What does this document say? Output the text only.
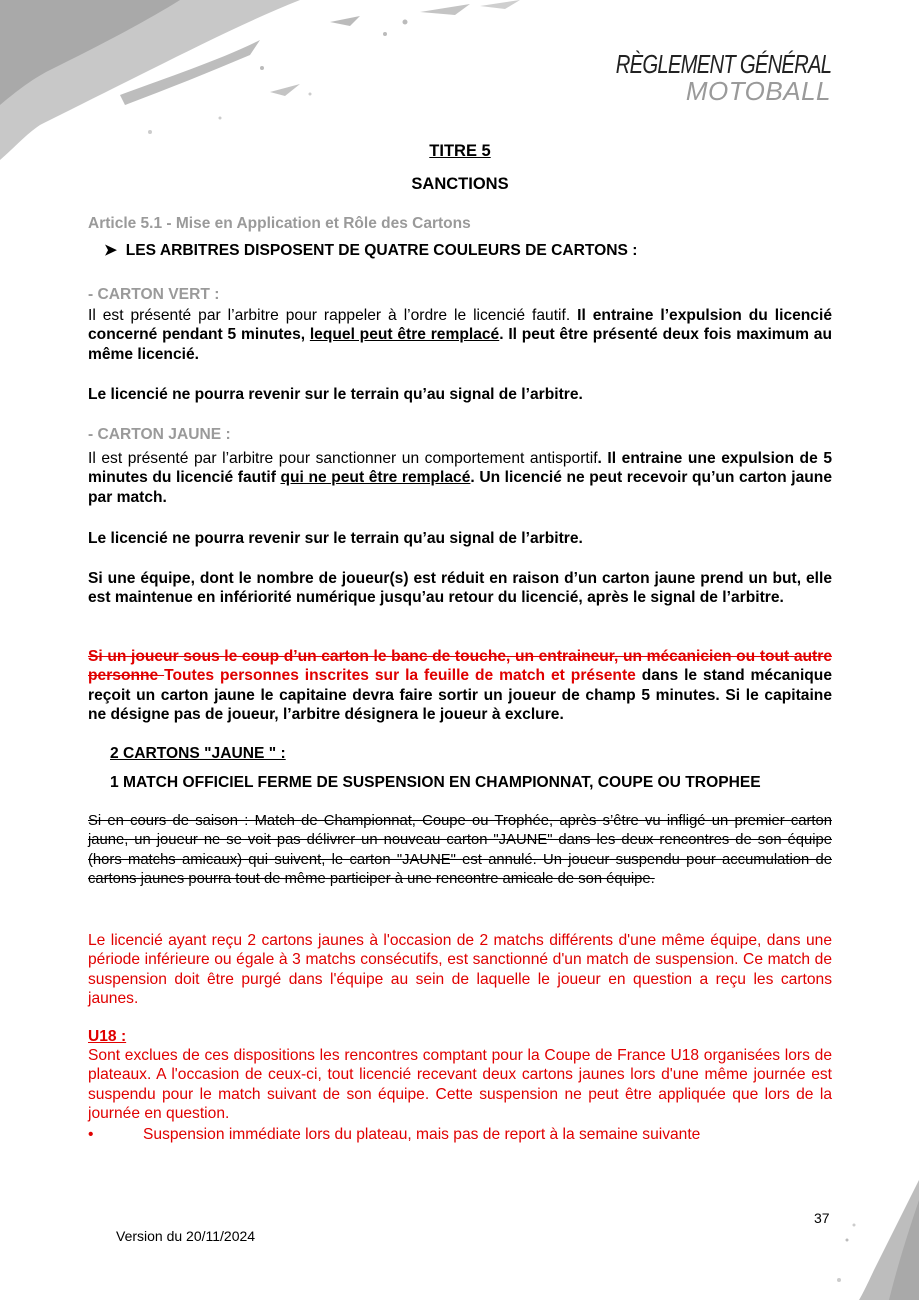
RÈGLEMENT GÉNÉRAL
MOTOBALL
TITRE 5
SANCTIONS
Article 5.1 - Mise en Application et Rôle des Cartons
➤  LES ARBITRES DISPOSENT DE QUATRE COULEURS DE CARTONS :
- CARTON VERT :
Il est présenté par l’arbitre pour rappeler à l’ordre le licencié fautif. Il entraine l’expulsion du licencié concerné pendant 5 minutes, lequel peut être remplacé. Il peut être présenté deux fois maximum au même licencié.
Le licencié ne pourra revenir sur le terrain qu’au signal de l’arbitre.
- CARTON JAUNE :
Il est présenté par l’arbitre pour sanctionner un comportement antisportif. Il entraine une expulsion de 5 minutes du licencié fautif qui ne peut être remplacé. Un licencié ne peut recevoir qu’un carton jaune par match.
Le licencié ne pourra revenir sur le terrain qu’au signal de l’arbitre.
Si une équipe, dont le nombre de joueur(s) est réduit en raison d’un carton jaune prend un but, elle est maintenue en infériorité numérique jusqu’au retour du licencié, après le signal de l’arbitre.
Si un joueur sous le coup d’un carton le banc de touche, un entraineur, un mécanicien ou tout autre personne Toutes personnes inscrites sur la feuille de match et présente dans le stand mécanique reçoit un carton jaune le capitaine devra faire sortir un joueur de champ 5 minutes. Si le capitaine ne désigne pas de joueur, l’arbitre désignera le joueur à exclure.
2 CARTONS "JAUNE " :
1 MATCH OFFICIEL FERME DE SUSPENSION EN CHAMPIONNAT, COUPE OU TROPHEE
Si en cours de saison : Match de Championnat, Coupe ou Trophée, après s’être vu infligé un premier carton jaune, un joueur ne se voit pas délivrer un nouveau carton "JAUNE" dans les deux rencontres de son équipe (hors matchs amicaux) qui suivent, le carton "JAUNE" est annulé. Un joueur suspendu pour accumulation de cartons jaunes pourra tout de même participer à une rencontre amicale de son équipe.
Le licencié ayant reçu 2 cartons jaunes à l'occasion de 2 matchs différents d'une même équipe, dans une période inférieure ou égale à 3 matchs consécutifs, est sanctionné d'un match de suspension. Ce match de suspension doit être purgé dans l'équipe au sein de laquelle le joueur en question a reçu les cartons jaunes.
U18 :
Sont exclues de ces dispositions les rencontres comptant pour la Coupe de France U18 organisées lors de plateaux. A l'occasion de ceux-ci, tout licencié recevant deux cartons jaunes lors d'une même journée est suspendu pour le match suivant de son équipe. Cette suspension ne peut être appliquée que lors de la journée en question.
•	Suspension immédiate lors du plateau, mais pas de report à la semaine suivante
Version du 20/11/2024
37
